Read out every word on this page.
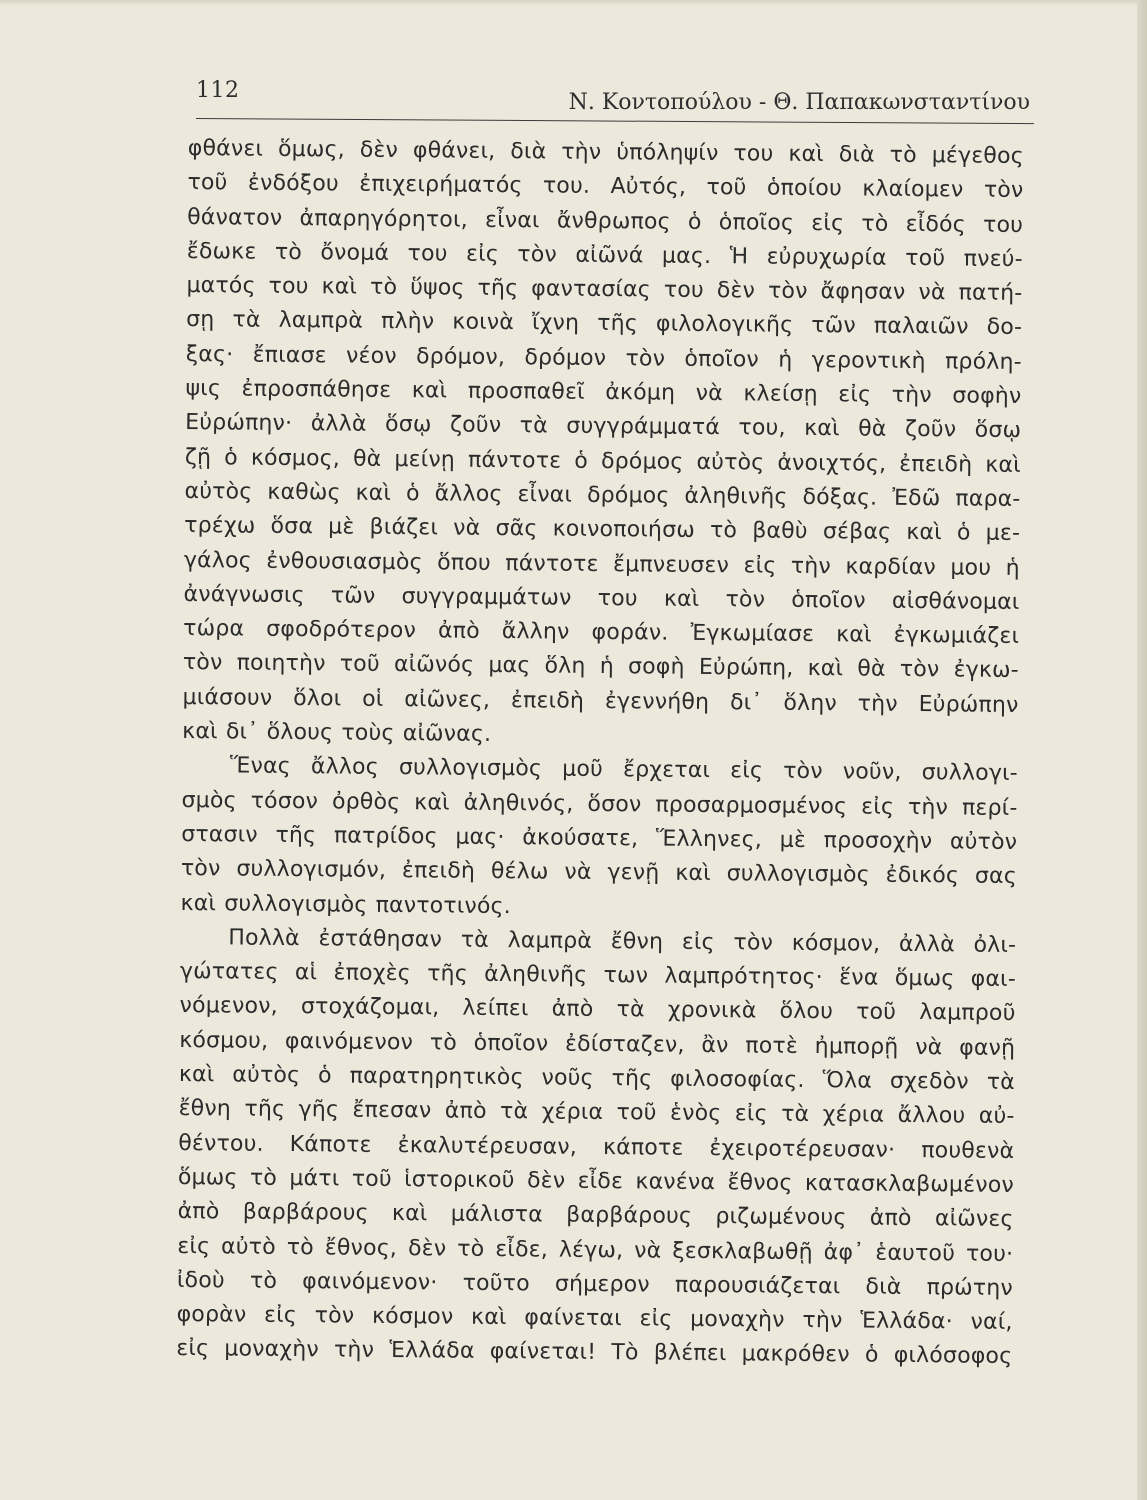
112	Ν. Κοντοπούλου - Θ. Παπακωνσταντίνου
φθάνει ὅμως, δὲν φθάνει, διὰ τὴν ὑπόληψίν του καὶ διὰ τὸ μέγεθος
τοῦ ἐνδόξου ἐπιχειρήματός του. Αὐτός, τοῦ ὁποίου κλαίομεν τὸν
θάνατον ἀπαρηγόρητοι, εἶναι ἄνθρωπος ὁ ὁποῖος εἰς τὸ εἶδός του
ἔδωκε τὸ ὄνομά του εἰς τὸν αἰῶνά μας. Ἡ εὐρυχωρία τοῦ πνεύ-
ματός του καὶ τὸ ὕψος τῆς φαντασίας του δὲν τὸν ἄφησαν νὰ πατή-
σῃ τὰ λαμπρὰ πλὴν κοινὰ ἴχνη τῆς φιλολογικῆς τῶν παλαιῶν δο-
ξας· ἔπιασε νέον δρόμον, δρόμον τὸν ὁποῖον ἡ γεροντικὴ πρόλη-
ψις ἐπροσπάθησε καὶ προσπαθεῖ ἀκόμη νὰ κλείσῃ εἰς τὴν σοφὴν
Εὐρώπην· ἀλλὰ ὅσῳ ζοῦν τὰ συγγράμματά του, καὶ θὰ ζοῦν ὅσῳ
ζῇ ὁ κόσμος, θὰ μείνῃ πάντοτε ὁ δρόμος αὐτὸς ἀνοιχτός, ἐπειδὴ καὶ
αὐτὸς καθὼς καὶ ὁ ἄλλος εἶναι δρόμος ἀληθινῆς δόξας. Ἐδῶ παρα-
τρέχω ὅσα μὲ βιάζει νὰ σᾶς κοινοποιήσω τὸ βαθὺ σέβας καὶ ὁ με-
γάλος ἐνθουσιασμὸς ὅπου πάντοτε ἔμπνευσεν εἰς τὴν καρδίαν μου ἡ
ἀνάγνωσις τῶν συγγραμμάτων του καὶ τὸν ὁποῖον αἰσθάνομαι
τώρα σφοδρότερον ἀπὸ ἄλλην φοράν. Ἐγκωμίασε καὶ ἐγκωμιάζει
τὸν ποιητὴν τοῦ αἰῶνός μας ὅλη ἡ σοφὴ Εὐρώπη, καὶ θὰ τὸν ἐγκω-
μιάσουν ὅλοι οἱ αἰῶνες, ἐπειδὴ ἐγεννήθη δι᾿ ὅλην τὴν Εὐρώπην
καὶ δι᾿ ὅλους τοὺς αἰῶνας.
Ἕνας ἄλλος συλλογισμὸς μοῦ ἔρχεται εἰς τὸν νοῦν, συλλογι-
σμὸς τόσον ὀρθὸς καὶ ἀληθινός, ὅσον προσαρμοσμένος εἰς τὴν περί-
στασιν τῆς πατρίδος μας· ἀκούσατε, Ἕλληνες, μὲ προσοχὴν αὐτὸν
τὸν συλλογισμόν, ἐπειδὴ θέλω νὰ γενῇ καὶ συλλογισμὸς ἐδικός σας
καὶ συλλογισμὸς παντοτινός.
Πολλὰ ἐστάθησαν τὰ λαμπρὰ ἔθνη εἰς τὸν κόσμον, ἀλλὰ ὀλι-
γώτατες αἱ ἐποχὲς τῆς ἀληθινῆς των λαμπρότητος· ἕνα ὅμως φαι-
νόμενον, στοχάζομαι, λείπει ἀπὸ τὰ χρονικὰ ὅλου τοῦ λαμπροῦ
κόσμου, φαινόμενον τὸ ὁποῖον ἐδίσταζεν, ἂν ποτὲ ἠμπορῇ νὰ φανῇ
καὶ αὐτὸς ὁ παρατηρητικὸς νοῦς τῆς φιλοσοφίας. Ὅλα σχεδὸν τὰ
ἔθνη τῆς γῆς ἔπεσαν ἀπὸ τὰ χέρια τοῦ ἑνὸς εἰς τὰ χέρια ἄλλου αὐ-
θέντου. Κάποτε ἐκαλυτέρευσαν, κάποτε ἐχειροτέρευσαν· πουθενὰ
ὅμως τὸ μάτι τοῦ ἱστορικοῦ δὲν εἶδε κανένα ἔθνος κατασκλαβωμένον
ἀπὸ βαρβάρους καὶ μάλιστα βαρβάρους ριζωμένους ἀπὸ αἰῶνες
εἰς αὐτὸ τὸ ἔθνος, δὲν τὸ εἶδε, λέγω, νὰ ξεσκλαβωθῇ ἀφ᾿ ἑαυτοῦ του·
ἰδοὺ τὸ φαινόμενον· τοῦτο σήμερον παρουσιάζεται διὰ πρώτην
φορὰν εἰς τὸν κόσμον καὶ φαίνεται εἰς μοναχὴν τὴν Ἑλλάδα· ναί,
εἰς μοναχὴν τὴν Ἑλλάδα φαίνεται! Τὸ βλέπει μακρόθεν ὁ φιλόσοφος
